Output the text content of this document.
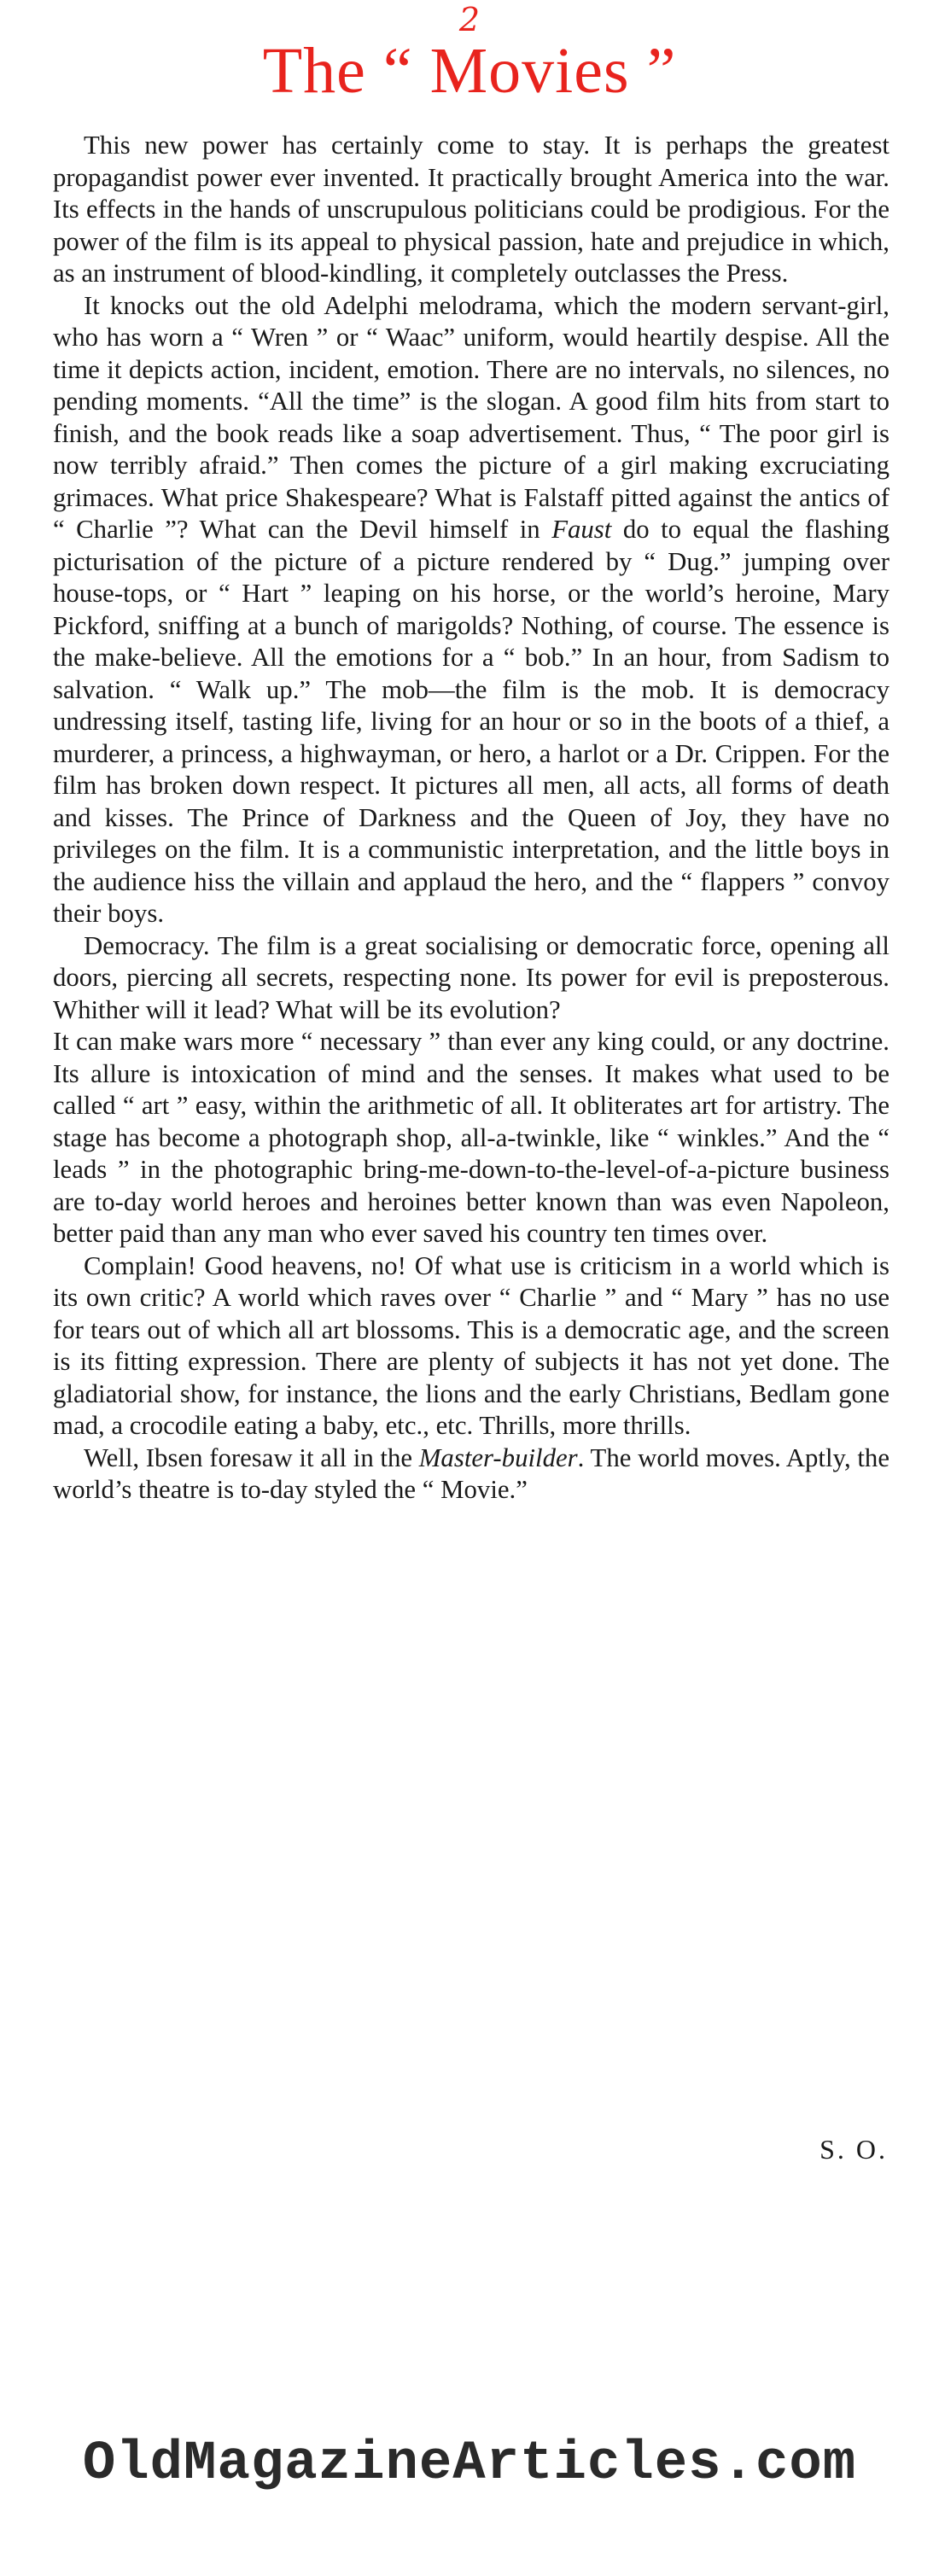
2
The “ Movies ”

This new power has certainly come to stay. It is perhaps the greatest propagandist power ever invented. It practically brought America into the war. Its effects in the hands of unscrupulous politicians could be prodigious. For the power of the film is its appeal to physical passion, hate and prejudice in which, as an instrument of blood-kindling, it completely outclasses the Press.

It knocks out the old Adelphi melodrama, which the modern servant-girl, who has worn a “ Wren ” or “ Waac” uniform, would heartily despise. All the time it depicts action, incident, emotion. There are no intervals, no silences, no pending moments. “All the time” is the slogan. A good film hits from start to finish, and the book reads like a soap advertisement. Thus, “ The poor girl is now terribly afraid.” Then comes the picture of a girl making excruciating grimaces. What price Shakespeare? What is Falstaff pitted against the antics of “ Charlie ”? What can the Devil himself in Faust do to equal the flashing picturisation of the picture of a picture rendered by “ Dug.” jumping over house-tops, or “ Hart ” leaping on his horse, or the world’s heroine, Mary Pickford, sniffing at a bunch of marigolds? Nothing, of course. The essence is the make-believe. All the emotions for a “ bob.” In an hour, from Sadism to salvation. “ Walk up.” The mob—the film is the mob. It is democracy undressing itself, tasting life, living for an hour or so in the boots of a thief, a murderer, a princess, a highwayman, or hero, a harlot or a Dr. Crippen. For the film has broken down respect. It pictures all men, all acts, all forms of death and kisses. The Prince of Darkness and the Queen of Joy, they have no privileges on the film. It is a communistic interpretation, and the little boys in the audience hiss the villain and applaud the hero, and the “ flappers ” convoy their boys.

Democracy. The film is a great socialising or democratic force, opening all doors, piercing all secrets, respecting none. Its power for evil is preposterous. Whither will it lead? What will be its evolution?

It can make wars more “ necessary ” than ever any king could, or any doctrine. Its allure is intoxication of mind and the senses. It makes what used to be called “ art ” easy, within the arithmetic of all. It obliterates art for artistry. The stage has become a photograph shop, all-a-twinkle, like “ winkles.” And the “ leads ” in the photographic bring-me-down-to-the-level-of-a-picture business are to-day world heroes and heroines better known than was even Napoleon, better paid than any man who ever saved his country ten times over.

Complain! Good heavens, no! Of what use is criticism in a world which is its own critic? A world which raves over “ Charlie ” and “ Mary ” has no use for tears out of which all art blossoms. This is a democratic age, and the screen is its fitting expression. There are plenty of subjects it has not yet done. The gladiatorial show, for instance, the lions and the early Christians, Bedlam gone mad, a crocodile eating a baby, etc., etc. Thrills, more thrills.

Well, Ibsen foresaw it all in the Master-builder. The world moves. Aptly, the world’s theatre is to-day styled the “ Movie.”

S. O.
OldMagazineArticles.com
